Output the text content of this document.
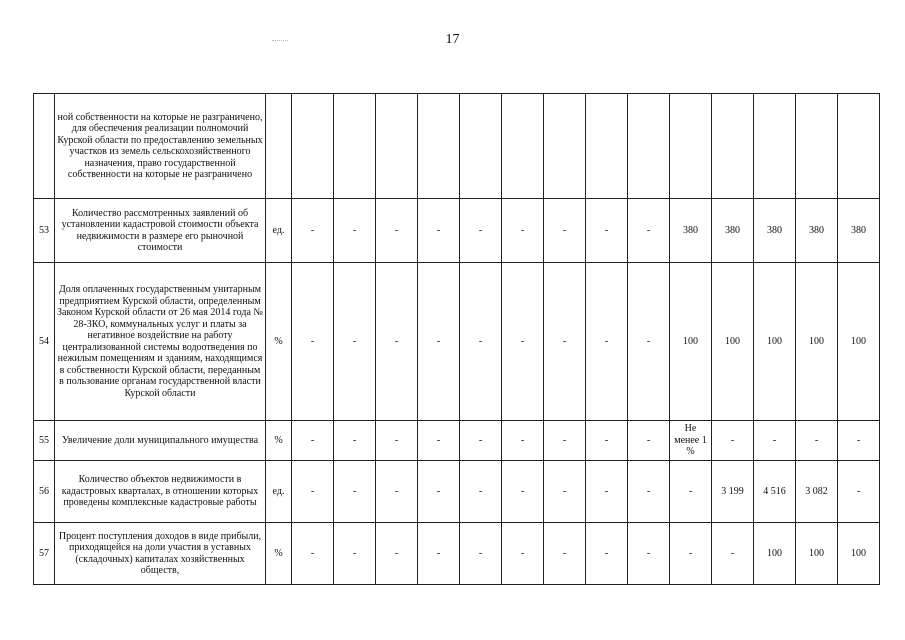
17
	ной собственности на которые не разграничено, для обеспечения реализации полномочий Курской области по предоставлению земельных участков из земель сельскохозяйственного назначения, право государственной собственности на которые не разграничено															
53	Количество рассмотренных заявлений об установлении кадастровой стоимости объекта недвижимости в размере его рыночной стоимости	ед.	-	-	-	-	-	-	-	-	-	380	380	380	380	380
54	Доля оплаченных государственным унитарным предприятием Курской области, определенным Законом Курской области от 26 мая 2014 года № 28-ЗКО, коммунальных услуг и платы за негативное воздействие на работу централизованной системы водоотведения по нежилым помещениям и зданиям, находящимся в собственности Курской области, переданным в пользование органам государственной власти Курской области	%	-	-	-	-	-	-	-	-	-	100	100	100	100	100
55	Увеличение доли муниципального имущества	%	-	-	-	-	-	-	-	-	-	Не менее 1 %	-	-	-	-
56	Количество объектов недвижимости в кадастровых кварталах, в отношении которых проведены комплексные кадастровые работы	ед.	-	-	-	-	-	-	-	-	-	-	3 199	4 516	3 082	-
57	Процент поступления доходов в виде прибыли, приходящейся на доли участия в уставных (складочных) капиталах хозяйственных обществ,	%	-	-	-	-	-	-	-	-	-	-	-	100	100	100
